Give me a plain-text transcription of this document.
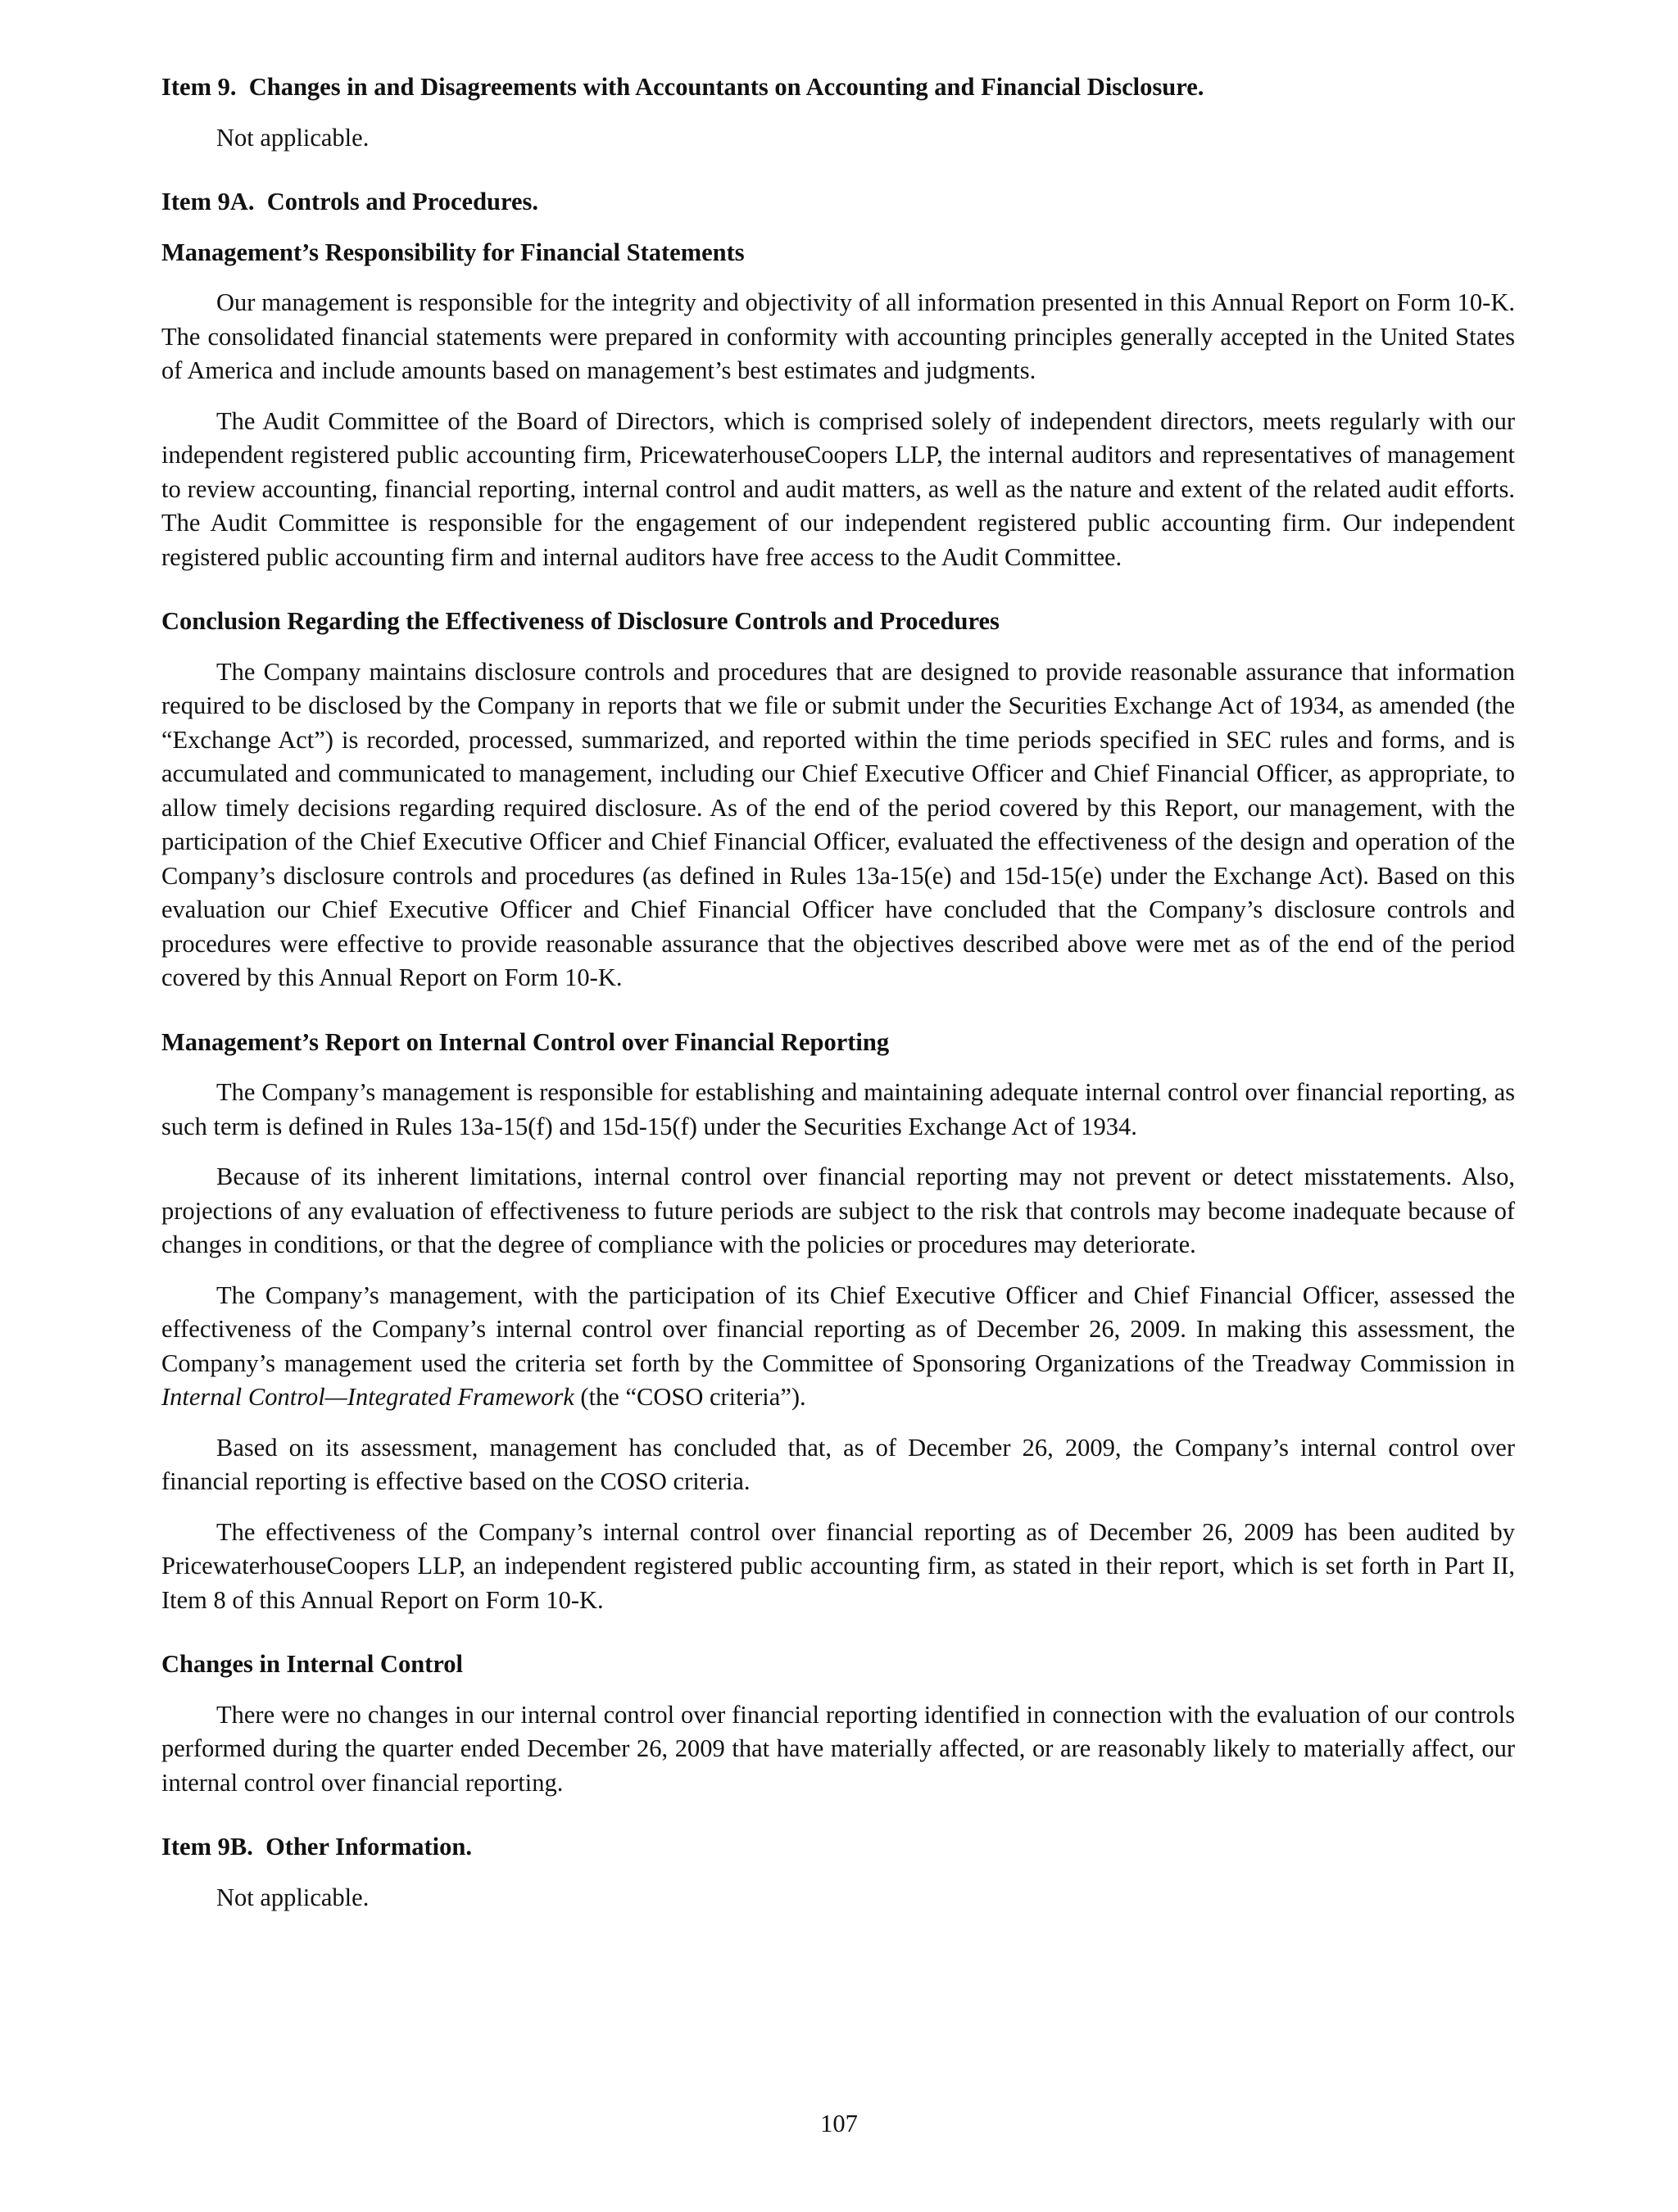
Item 9.  Changes in and Disagreements with Accountants on Accounting and Financial Disclosure.

Not applicable.

Item 9A.  Controls and Procedures.
Management’s Responsibility for Financial Statements

Our management is responsible for the integrity and objectivity of all information presented in this Annual Report on Form 10-K. The consolidated financial statements were prepared in conformity with accounting principles generally accepted in the United States of America and include amounts based on management’s best estimates and judgments.

The Audit Committee of the Board of Directors, which is comprised solely of independent directors, meets regularly with our independent registered public accounting firm, PricewaterhouseCoopers LLP, the internal auditors and representatives of management to review accounting, financial reporting, internal control and audit matters, as well as the nature and extent of the related audit efforts. The Audit Committee is responsible for the engagement of our independent registered public accounting firm. Our independent registered public accounting firm and internal auditors have free access to the Audit Committee.

Conclusion Regarding the Effectiveness of Disclosure Controls and Procedures

The Company maintains disclosure controls and procedures that are designed to provide reasonable assurance that information required to be disclosed by the Company in reports that we file or submit under the Securities Exchange Act of 1934, as amended (the “Exchange Act”) is recorded, processed, summarized, and reported within the time periods specified in SEC rules and forms, and is accumulated and communicated to management, including our Chief Executive Officer and Chief Financial Officer, as appropriate, to allow timely decisions regarding required disclosure. As of the end of the period covered by this Report, our management, with the participation of the Chief Executive Officer and Chief Financial Officer, evaluated the effectiveness of the design and operation of the Company’s disclosure controls and procedures (as defined in Rules 13a-15(e) and 15d-15(e) under the Exchange Act). Based on this evaluation our Chief Executive Officer and Chief Financial Officer have concluded that the Company’s disclosure controls and procedures were effective to provide reasonable assurance that the objectives described above were met as of the end of the period covered by this Annual Report on Form 10-K.

Management’s Report on Internal Control over Financial Reporting

The Company’s management is responsible for establishing and maintaining adequate internal control over financial reporting, as such term is defined in Rules 13a-15(f) and 15d-15(f) under the Securities Exchange Act of 1934.

Because of its inherent limitations, internal control over financial reporting may not prevent or detect misstatements. Also, projections of any evaluation of effectiveness to future periods are subject to the risk that controls may become inadequate because of changes in conditions, or that the degree of compliance with the policies or procedures may deteriorate.

The Company’s management, with the participation of its Chief Executive Officer and Chief Financial Officer, assessed the effectiveness of the Company’s internal control over financial reporting as of December 26, 2009. In making this assessment, the Company’s management used the criteria set forth by the Committee of Sponsoring Organizations of the Treadway Commission in Internal Control—Integrated Framework (the “COSO criteria”).

Based on its assessment, management has concluded that, as of December 26, 2009, the Company’s internal control over financial reporting is effective based on the COSO criteria.

The effectiveness of the Company’s internal control over financial reporting as of December 26, 2009 has been audited by PricewaterhouseCoopers LLP, an independent registered public accounting firm, as stated in their report, which is set forth in Part II, Item 8 of this Annual Report on Form 10-K.

Changes in Internal Control

There were no changes in our internal control over financial reporting identified in connection with the evaluation of our controls performed during the quarter ended December 26, 2009 that have materially affected, or are reasonably likely to materially affect, our internal control over financial reporting.

Item 9B.  Other Information.

Not applicable.

107
